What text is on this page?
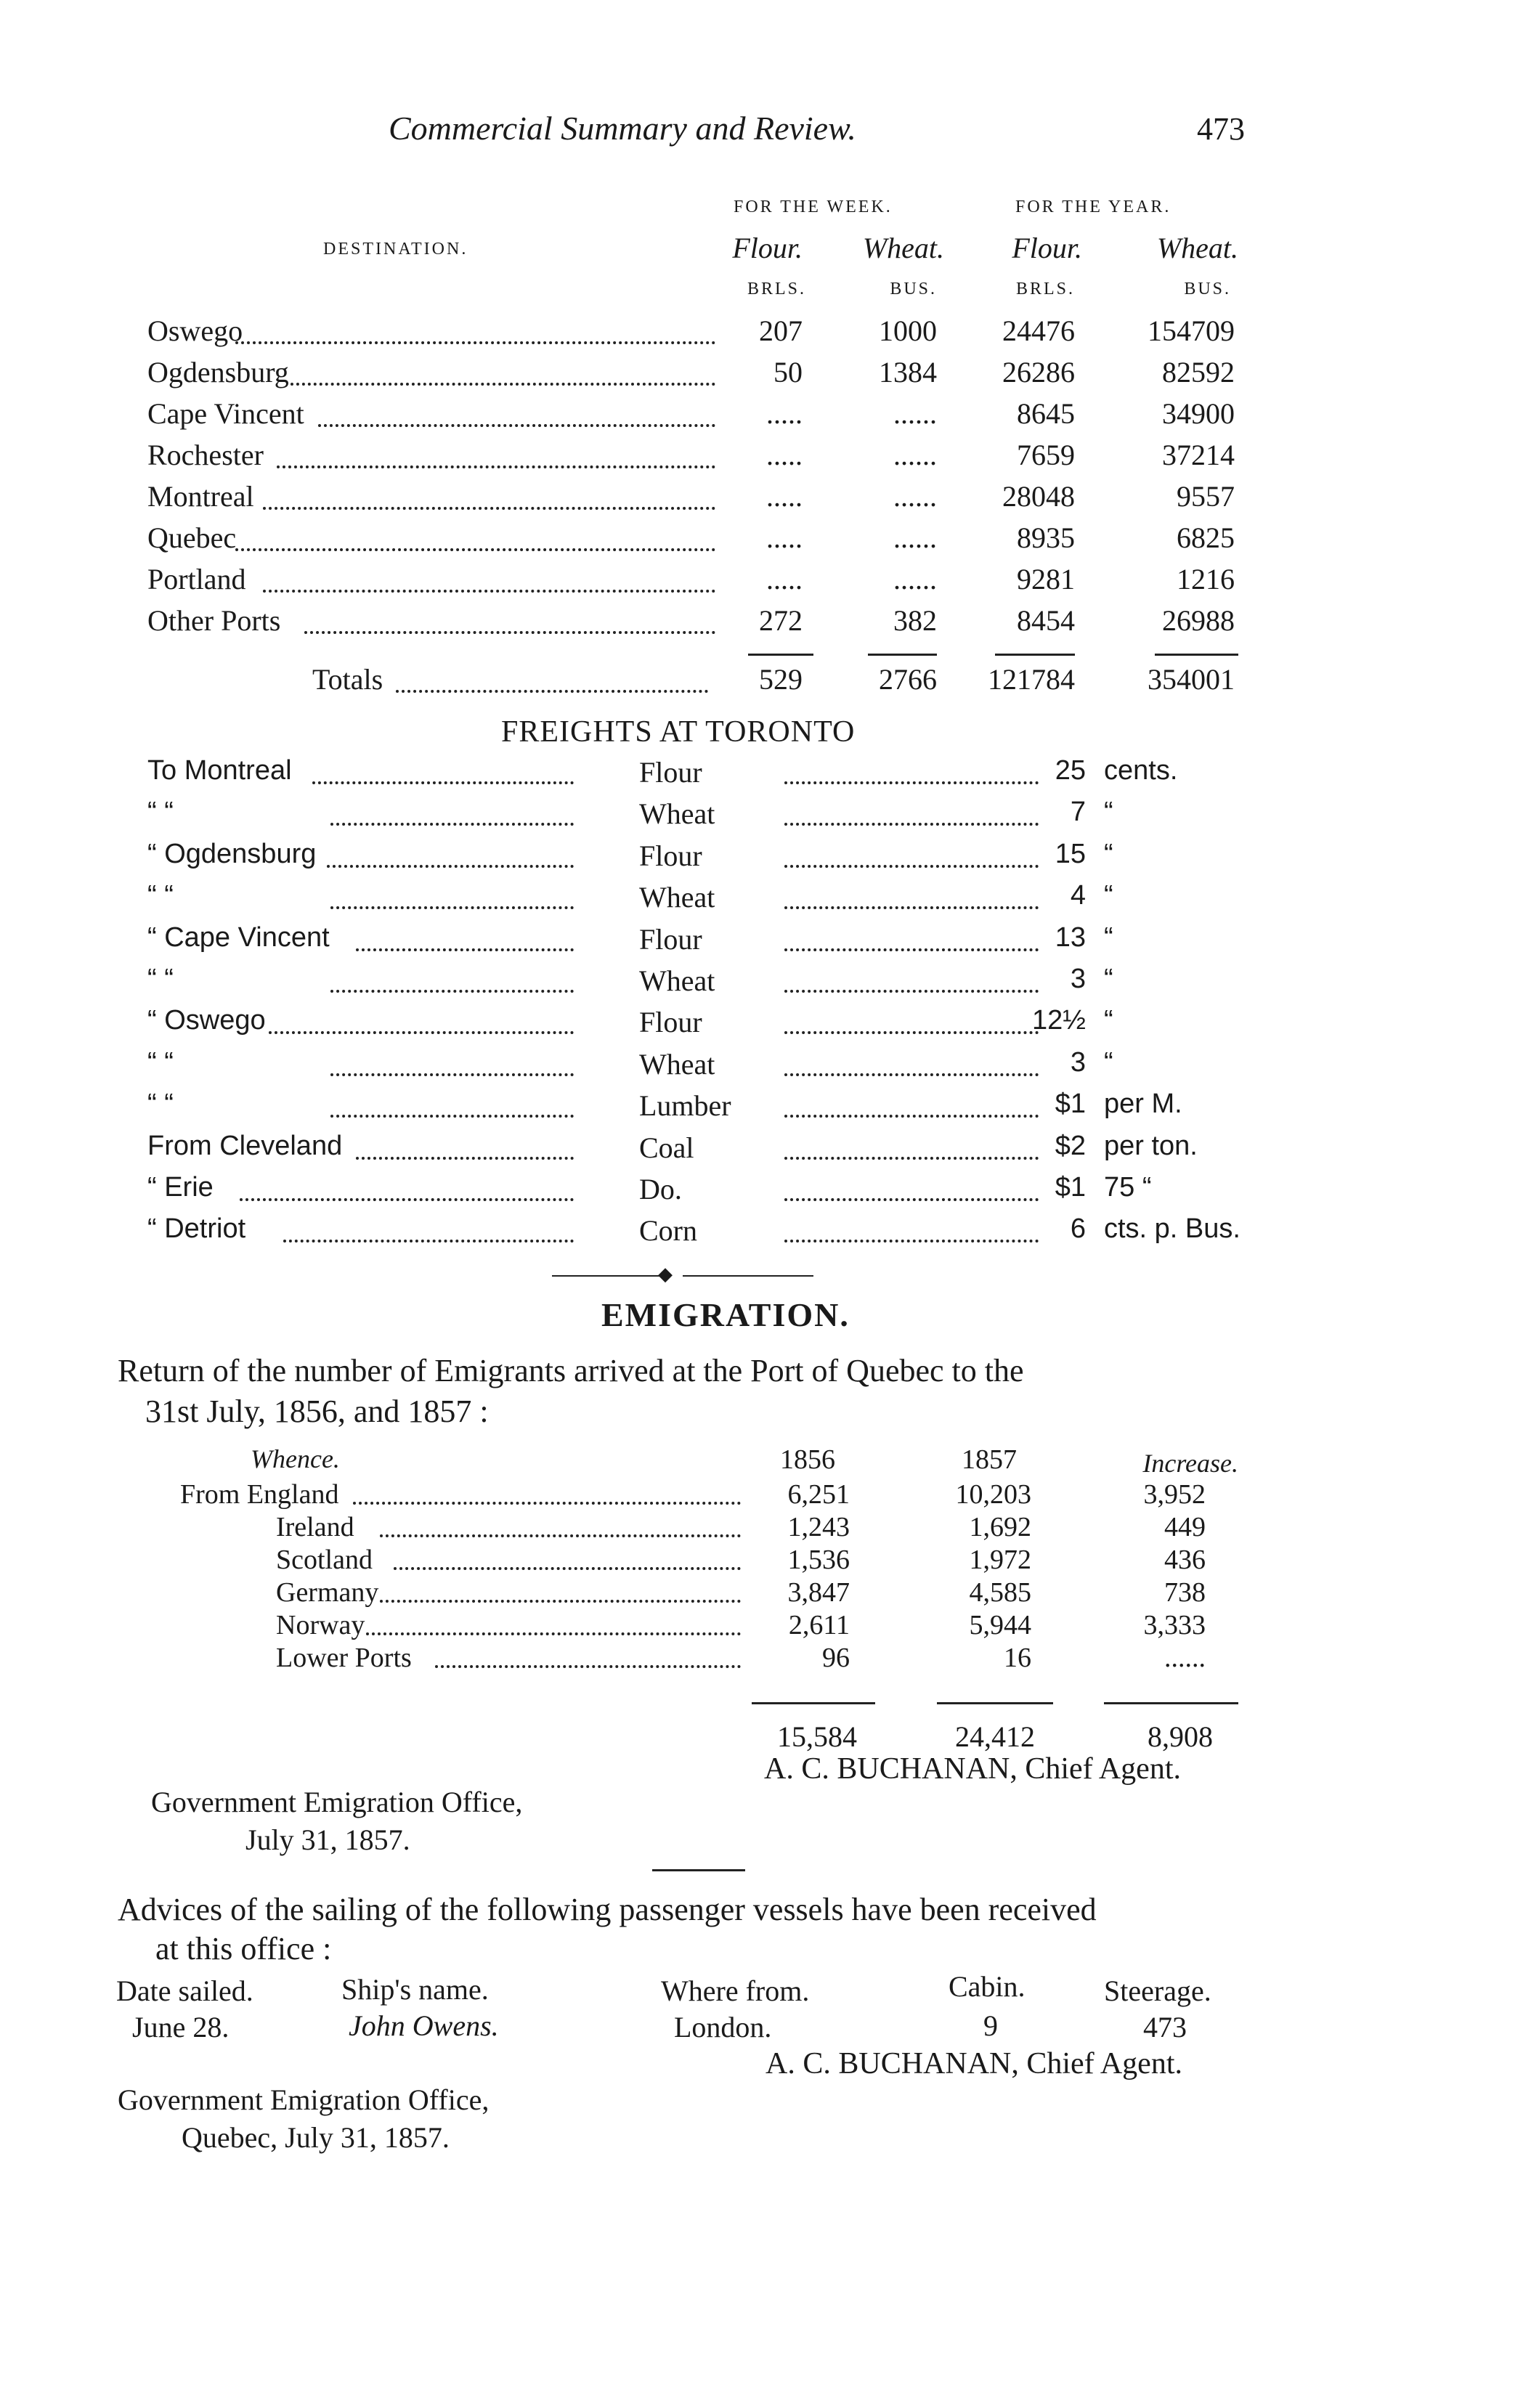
Commercial Summary and Review.	473
FOR THE WEEK.	FOR THE YEAR.
DESTINATION.	Flour.	Wheat.	Flour.	Wheat.
BRLS.	BUS.	BRLS.	BUS.
Oswego	207	1000	24476	154709
Ogdensburg	50	1384	26286	82592
Cape Vincent	.....	......	8645	34900
Rochester	.....	......	7659	37214
Montreal	.....	......	28048	9557
Quebec	.....	......	8935	6825
Portland	.....	......	9281	1216
Other Ports	272	382	8454	26988
Totals	529	2766	121784	354001
FREIGHTS AT TORONTO
To Montreal	Flour	25 cents.
“ “	Wheat	7 “
“ Ogdensburg	Flour	15 “
“ “	Wheat	4 “
“ Cape Vincent	Flour	13 “
“ “	Wheat	3 “
“ Oswego	Flour	12½ “
“ “	Wheat	3 “
“ “	Lumber	$1 per M.
From Cleveland	Coal	$2 per ton.
“ Erie	Do.	$1 75 “
“ Detriot	Corn	6 cts. p. Bus.
◆
EMIGRATION.
Return of the number of Emigrants arrived at the Port of Quebec to the
31st July, 1856, and 1857 :
Whence.	1856	1857	Increase.
From England	6,251	10,203	3,952
Ireland	1,243	1,692	449
Scotland	1,536	1,972	436
Germany	3,847	4,585	738
Norway	2,611	5,944	3,333
Lower Ports	96	16	......
15,584	24,412	8,908
A. C. BUCHANAN, Chief Agent.
Government Emigration Office,
July 31, 1857.
Advices of the sailing of the following passenger vessels have been received
at this office :
Date sailed.	Ship's name.	Where from.	Cabin.	Steerage.
June 28.	John Owens.	London.	9	473
A. C. BUCHANAN, Chief Agent.
Government Emigration Office,
Quebec, July 31, 1857.
